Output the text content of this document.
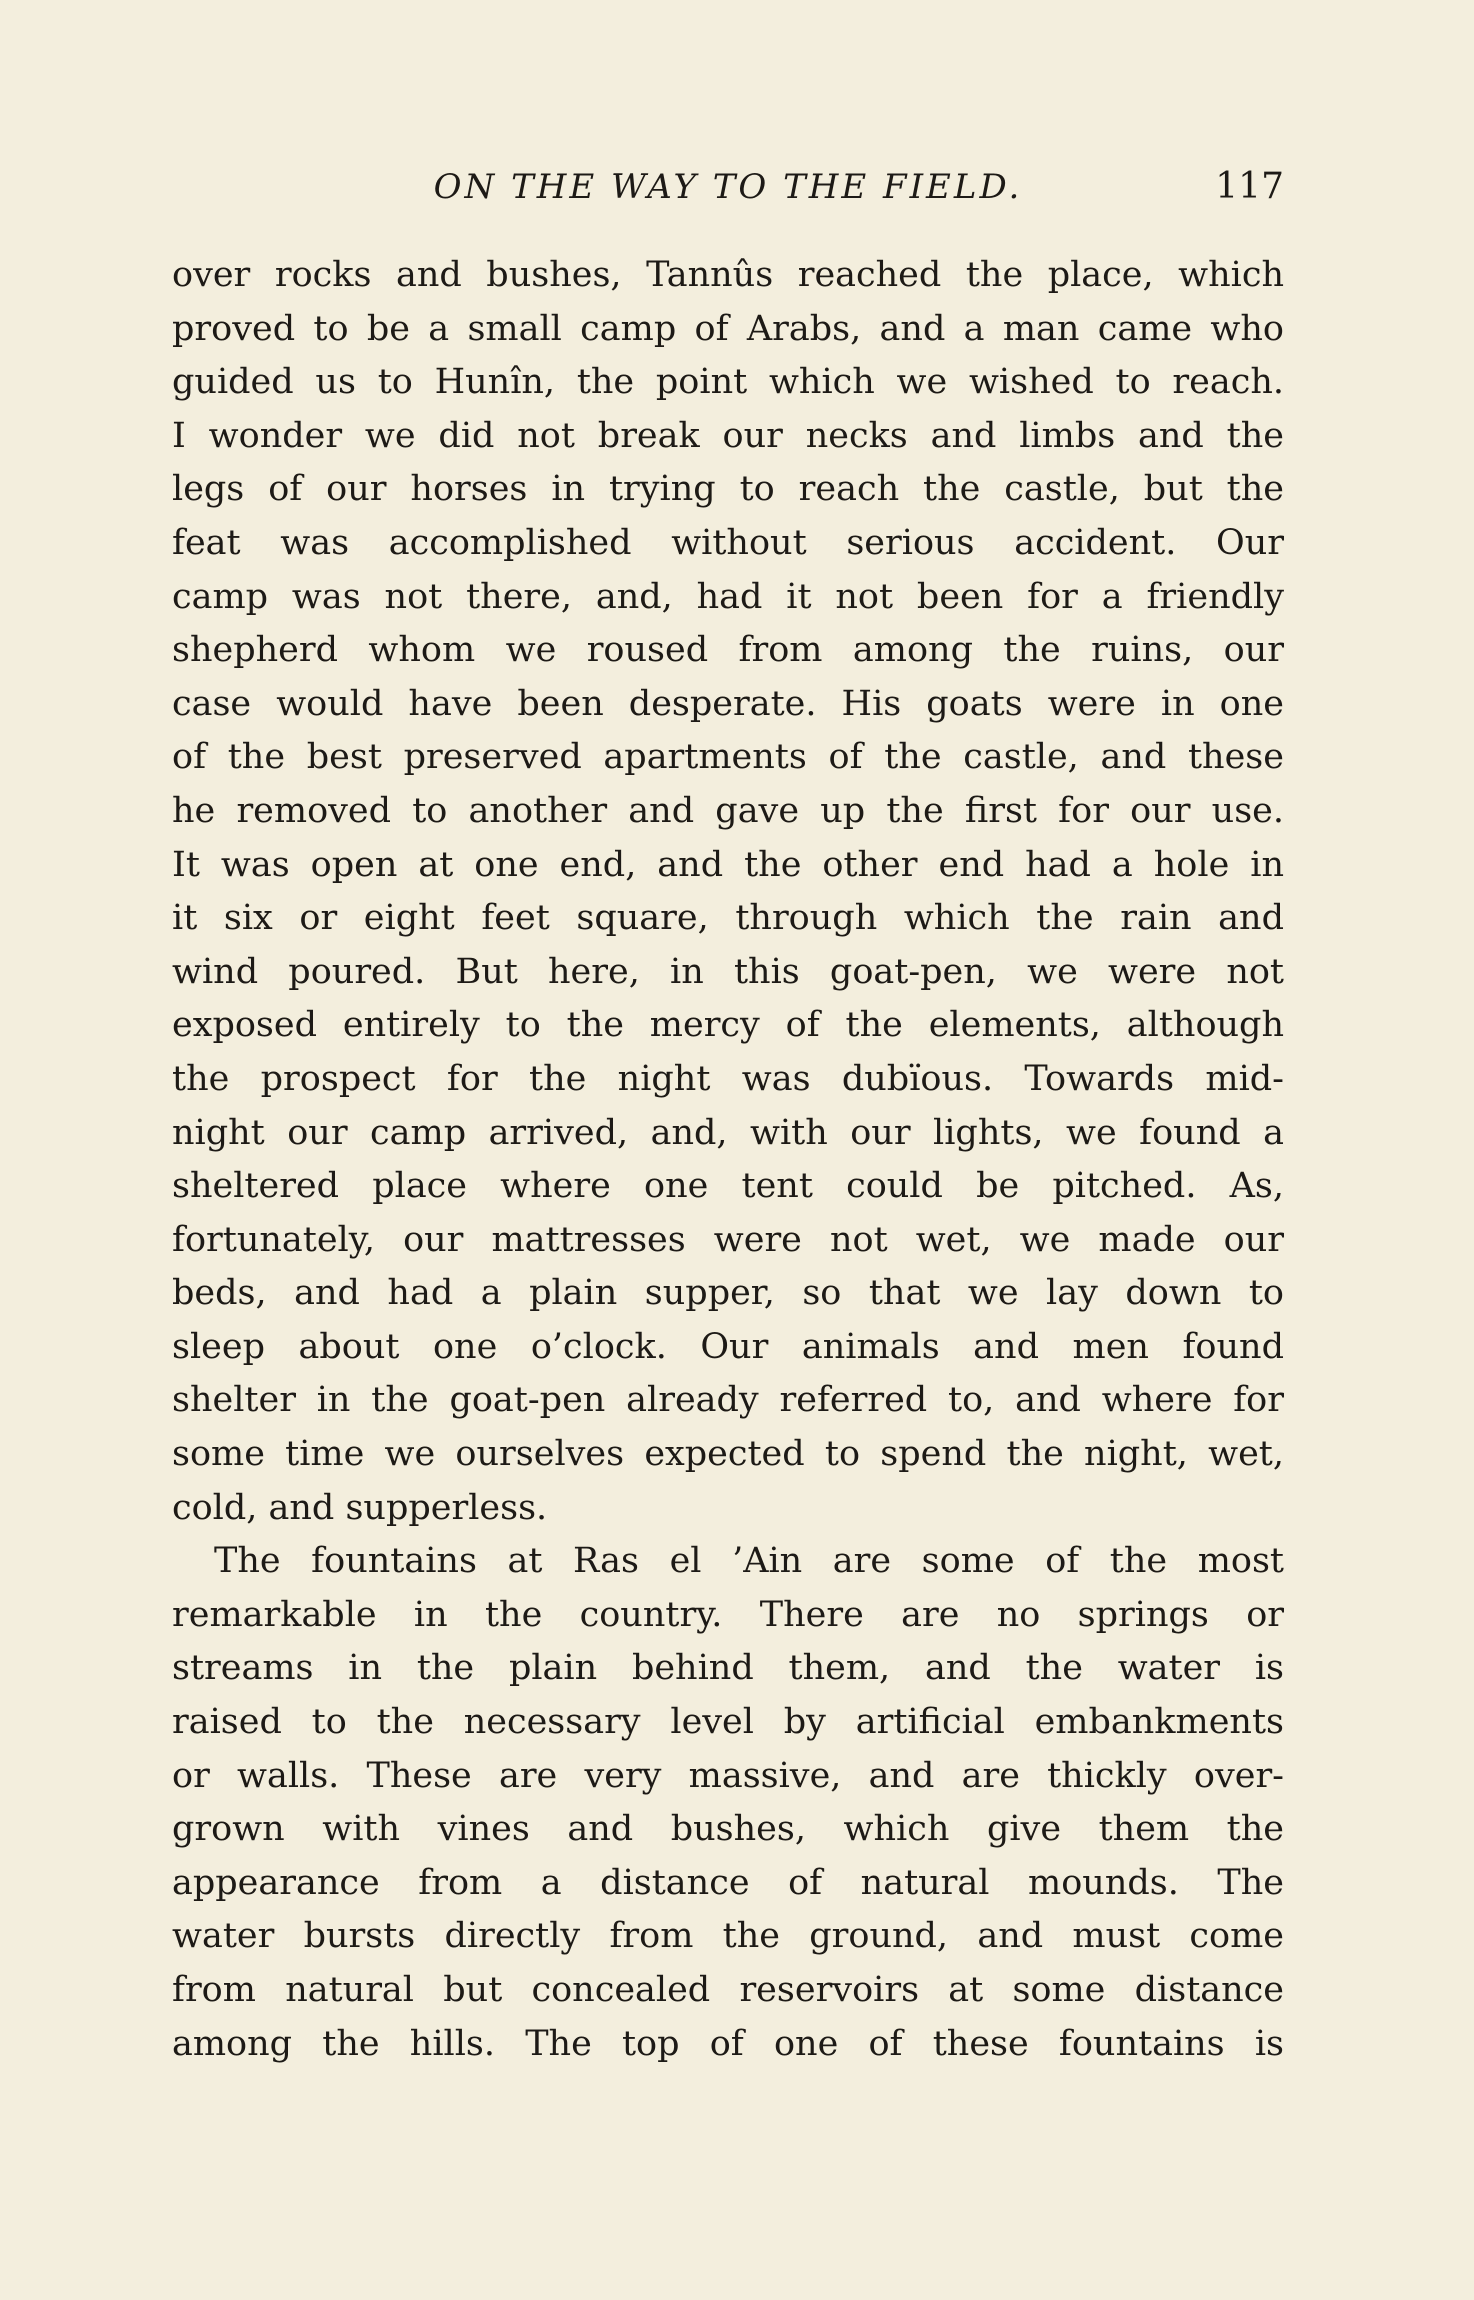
ON THE WAY TO THE FIELD.	117
over rocks and bushes, Tannûs reached the place, which
proved to be a small camp of Arabs, and a man came who
guided us to Hunîn, the point which we wished to reach.
I wonder we did not break our necks and limbs and the
legs of our horses in trying to reach the castle, but the
feat was accomplished without serious accident. Our
camp was not there, and, had it not been for a friendly
shepherd whom we roused from among the ruins, our
case would have been desperate. His goats were in one
of the best preserved apartments of the castle, and these
he removed to another and gave up the first for our use.
It was open at one end, and the other end had a hole in
it six or eight feet square, through which the rain and
wind poured. But here, in this goat-pen, we were not
exposed entirely to the mercy of the elements, although
the prospect for the night was dubïous. Towards mid-
night our camp arrived, and, with our lights, we found a
sheltered place where one tent could be pitched. As,
fortunately, our mattresses were not wet, we made our
beds, and had a plain supper, so that we lay down to
sleep about one o’clock. Our animals and men found
shelter in the goat-pen already referred to, and where for
some time we ourselves expected to spend the night, wet,
cold, and supperless.
The fountains at Ras el ’Ain are some of the most
remarkable in the country. There are no springs or
streams in the plain behind them, and the water is
raised to the necessary level by artificial embankments
or walls. These are very massive, and are thickly over-
grown with vines and bushes, which give them the
appearance from a distance of natural mounds. The
water bursts directly from the ground, and must come
from natural but concealed reservoirs at some distance
among the hills. The top of one of these fountains is
